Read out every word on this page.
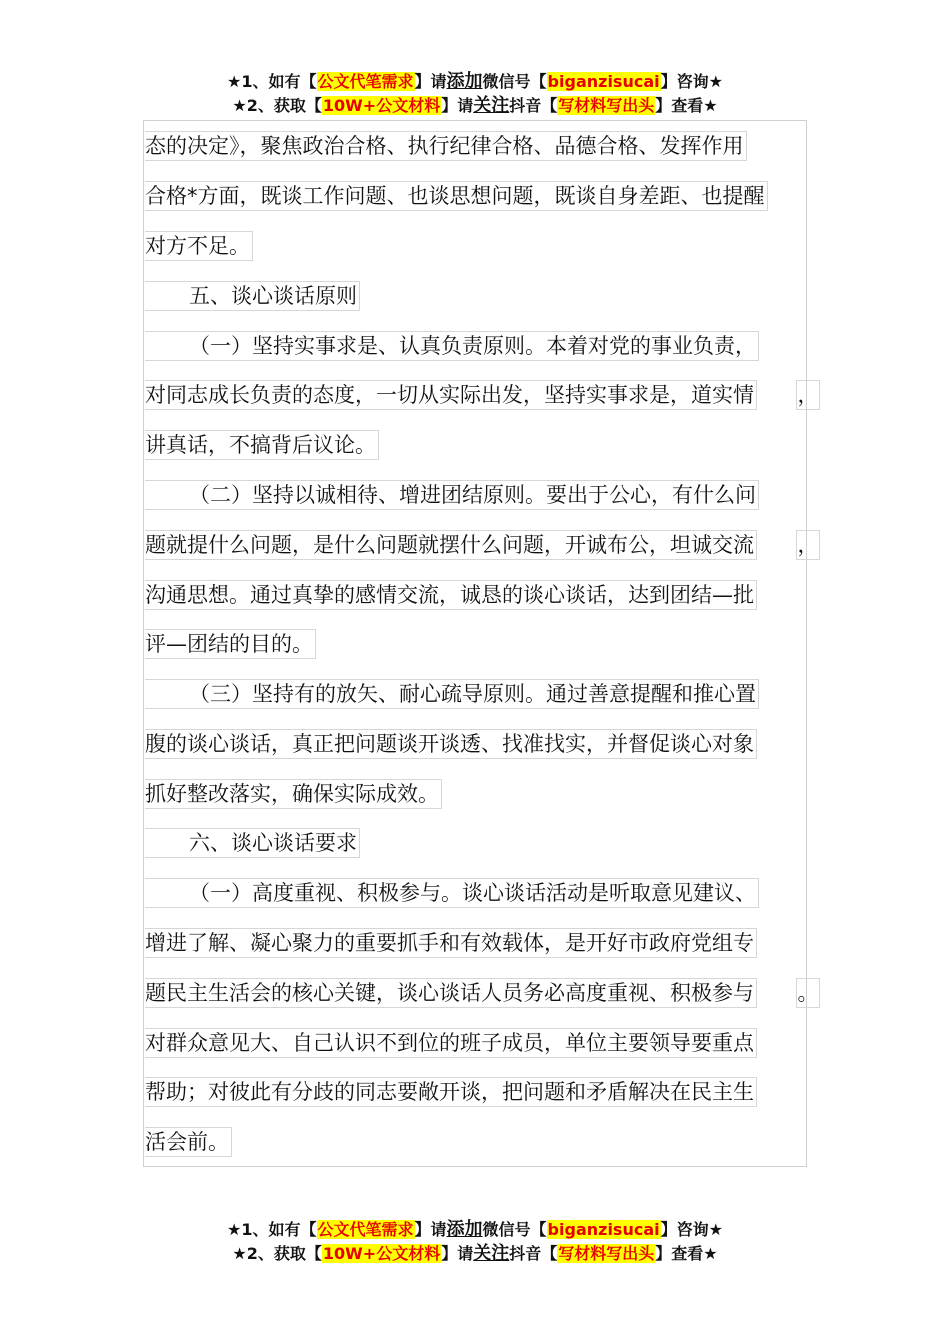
★1、如有【公文代笔需求】请添加微信号【biganzisucai】咨询★
★2、获取【10W+公文材料】请关注抖音【写材料写出头】查看★
态的决定》，聚焦政治合格、执行纪律合格、品德合格、发挥作用
合格*方面，既谈工作问题、也谈思想问题，既谈自身差距、也提醒
对方不足。
五、谈心谈话原则
（一）坚持实事求是、认真负责原则。本着对党的事业负责，
对同志成长负责的态度，一切从实际出发，坚持实事求是，道实情 ，
讲真话，不搞背后议论。
（二）坚持以诚相待、增进团结原则。要出于公心，有什么问
题就提什么问题，是什么问题就摆什么问题，开诚布公，坦诚交流 ，
沟通思想。通过真挚的感情交流，诚恳的谈心谈话，达到团结—批
评—团结的目的。
（三）坚持有的放矢、耐心疏导原则。通过善意提醒和推心置
腹的谈心谈话，真正把问题谈开谈透、找准找实，并督促谈心对象
抓好整改落实，确保实际成效。
六、谈心谈话要求
（一）高度重视、积极参与。谈心谈话活动是听取意见建议、
增进了解、凝心聚力的重要抓手和有效载体，是开好市政府党组专
题民主生活会的核心关键，谈心谈话人员务必高度重视、积极参与 。
对群众意见大、自己认识不到位的班子成员，单位主要领导要重点
帮助；对彼此有分歧的同志要敞开谈，把问题和矛盾解决在民主生
活会前。
★1、如有【公文代笔需求】请添加微信号【biganzisucai】咨询★
★2、获取【10W+公文材料】请关注抖音【写材料写出头】查看★
